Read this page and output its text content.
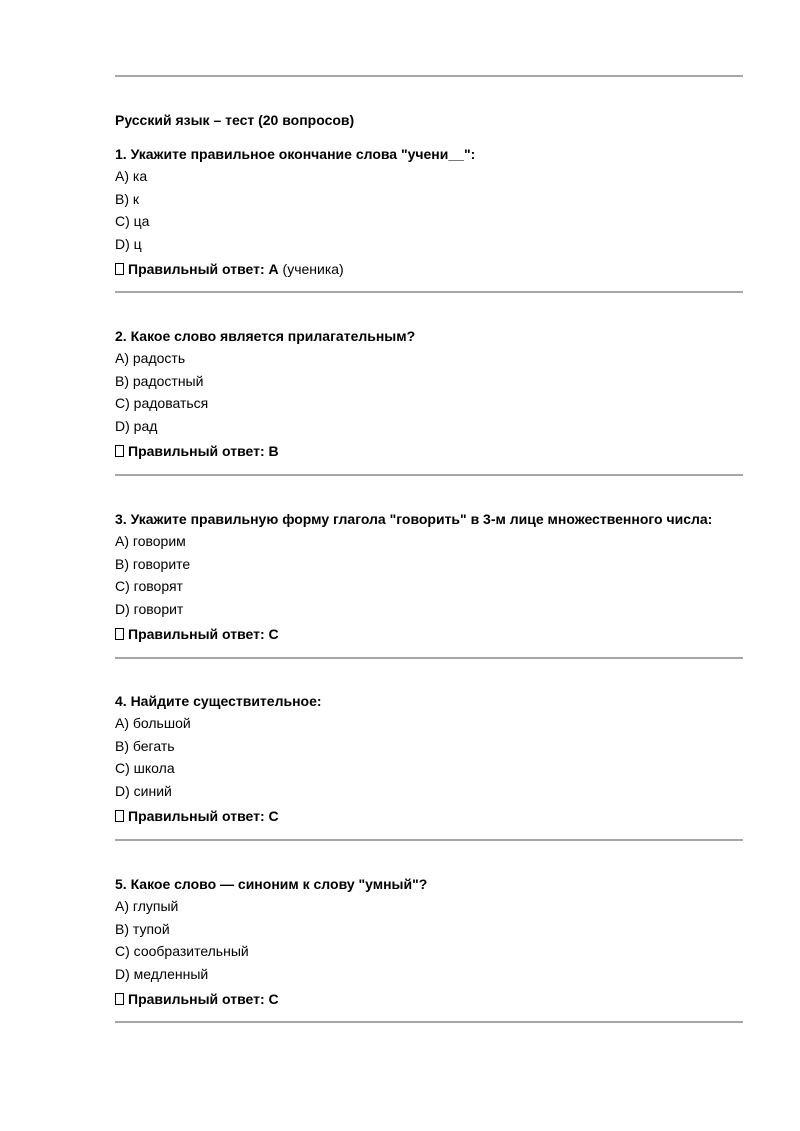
Русский язык – тест (20 вопросов)
1. Укажите правильное окончание слова "учени__":
A) ка
B) к
C) ца
D) ц
Правильный ответ: A (ученика)
2. Какое слово является прилагательным?
A) радость
B) радостный
C) радоваться
D) рад
Правильный ответ: B
3. Укажите правильную форму глагола "говорить" в 3-м лице множественного числа:
A) говорим
B) говорите
C) говорят
D) говорит
Правильный ответ: C
4. Найдите существительное:
A) большой
B) бегать
C) школа
D) синий
Правильный ответ: C
5. Какое слово — синоним к слову "умный"?
A) глупый
B) тупой
C) сообразительный
D) медленный
Правильный ответ: C
